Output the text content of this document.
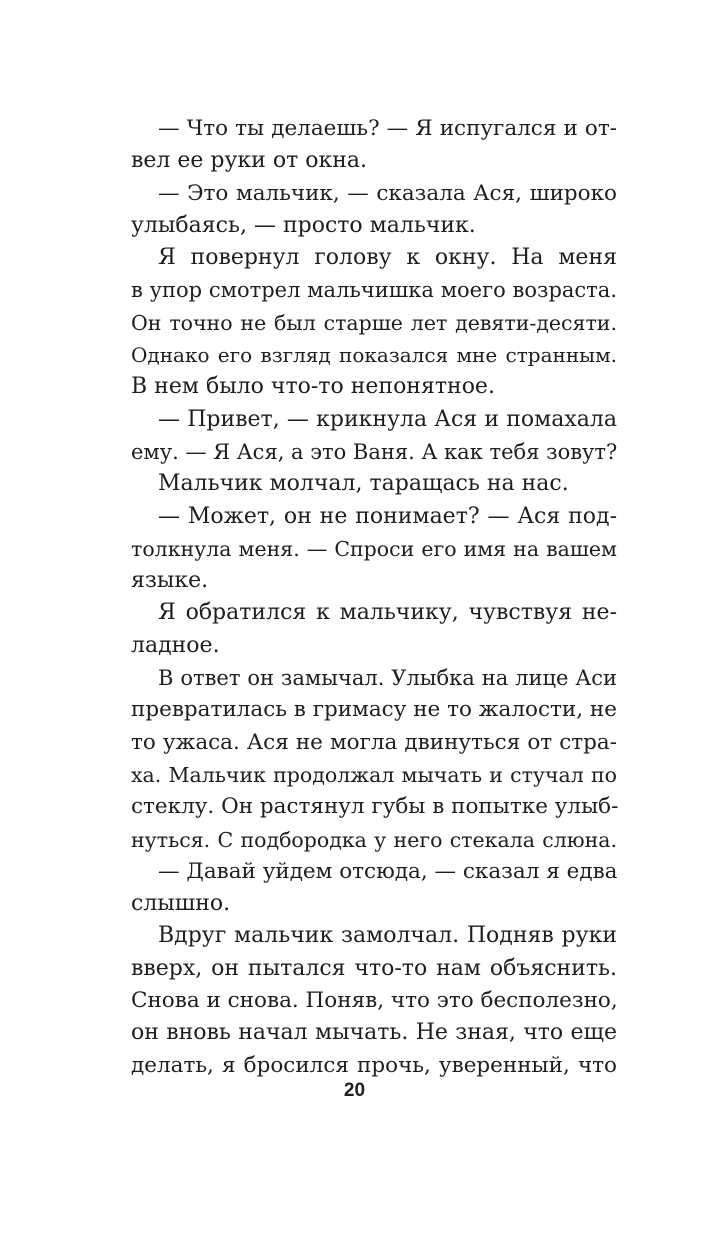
— Что ты делаешь? — Я испугался и от-
вел ее руки от окна.
— Это мальчик, — сказала Ася, широко
улыбаясь, — просто мальчик.
Я повернул голову к окну. На меня
в упор смотрел мальчишка моего возраста.
Он точно не был старше лет девяти-десяти.
Однако его взгляд показался мне странным.
В нем было что-то непонятное.
— Привет, — крикнула Ася и помахала
ему. — Я Ася, а это Ваня. А как тебя зовут?
Мальчик молчал, таращась на нас.
— Может, он не понимает? — Ася под-
толкнула меня. — Спроси его имя на вашем
языке.
Я обратился к мальчику, чувствуя не-
ладное.
В ответ он замычал. Улыбка на лице Аси
превратилась в гримасу не то жалости, не
то ужаса. Ася не могла двинуться от стра-
ха. Мальчик продолжал мычать и стучал по
стеклу. Он растянул губы в попытке улыб-
нуться. С подбородка у него стекала слюна.
— Давай уйдем отсюда, — сказал я едва
слышно.
Вдруг мальчик замолчал. Подняв руки
вверх, он пытался что-то нам объяснить.
Снова и снова. Поняв, что это бесполезно,
он вновь начал мычать. Не зная, что еще
делать, я бросился прочь, уверенный, что
20
